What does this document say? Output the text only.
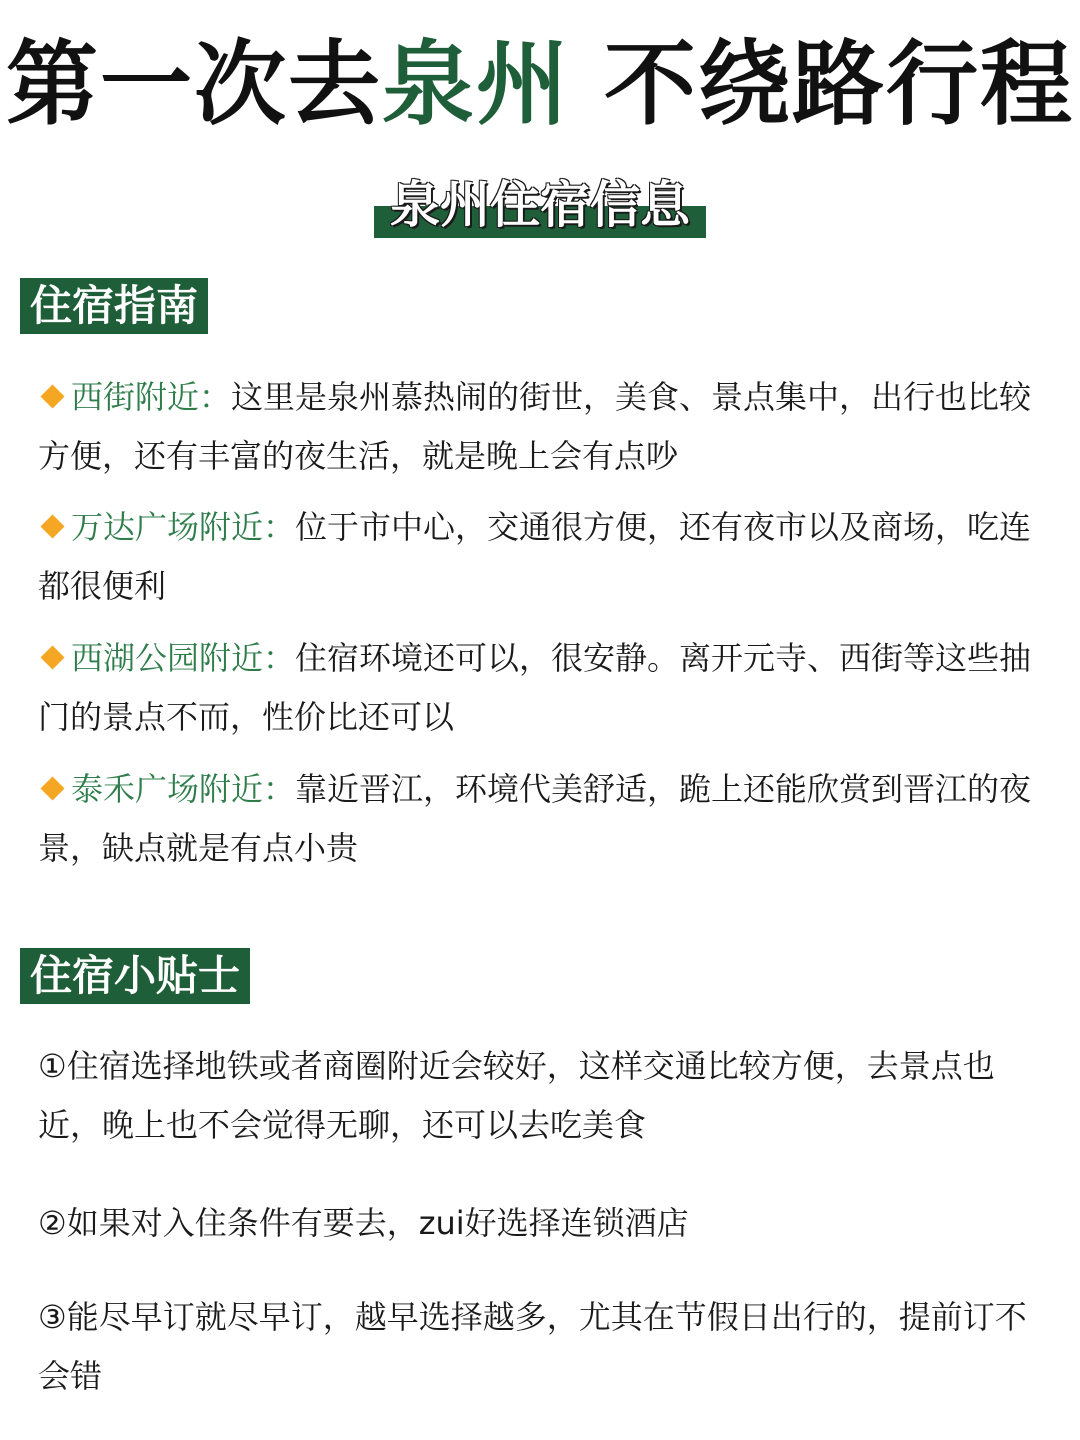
第一次去泉州 不绕路行程
泉州住宿信息
住宿指南
西街附近：这里是泉州慕热闹的街世，美食、景点集中，出行也比较方便，还有丰富的夜生活，就是晚上会有点吵
万达广场附近：位于市中心，交通很方便，还有夜市以及商场，吃连都很便利
西湖公园附近：住宿环境还可以，很安静。离开元寺、西街等这些抽门的景点不而，性价比还可以
泰禾广场附近：靠近晋江，环境代美舒适，跪上还能欣赏到晋江的夜景，缺点就是有点小贵
住宿小贴士
①住宿选择地铁或者商圈附近会较好，这样交通比较方便，去景点也近，晚上也不会觉得无聊，还可以去吃美食
②如果对入住条件有要去，zui好选择连锁酒店
③能尽早订就尽早订，越早选择越多，尤其在节假日出行的，提前订不会错
